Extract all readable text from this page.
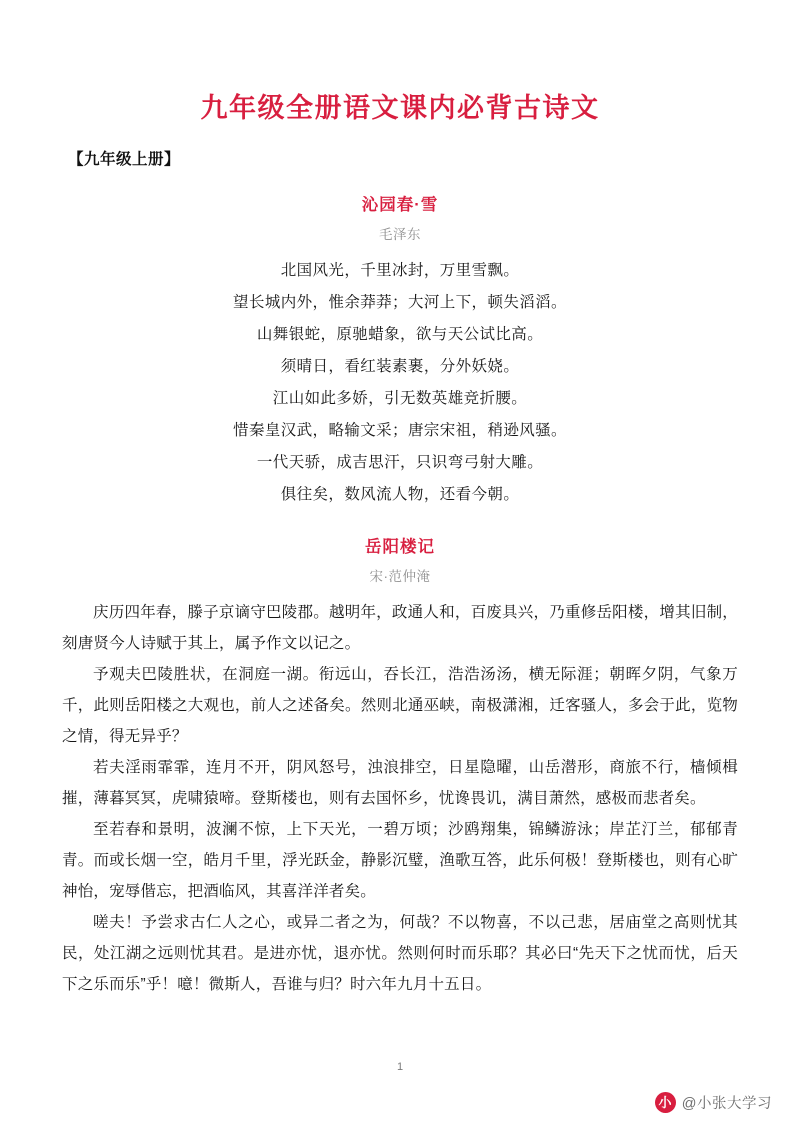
九年级全册语文课内必背古诗文
【九年级上册】
沁园春·雪
毛泽东
北国风光，千里冰封，万里雪飘。
望长城内外，惟余莽莽；大河上下，顿失滔滔。
山舞银蛇，原驰蜡象，欲与天公试比高。
须晴日，看红装素裹，分外妖娆。
江山如此多娇，引无数英雄竞折腰。
惜秦皇汉武，略输文采；唐宗宋祖，稍逊风骚。
一代天骄，成吉思汗，只识弯弓射大雕。
俱往矣，数风流人物，还看今朝。
岳阳楼记
宋·范仲淹

庆历四年春，滕子京谪守巴陵郡。越明年，政通人和，百废具兴，乃重修岳阳楼，增其旧制，刻唐贤今人诗赋于其上，属予作文以记之。

予观夫巴陵胜状，在洞庭一湖。衔远山，吞长江，浩浩汤汤，横无际涯；朝晖夕阴，气象万千，此则岳阳楼之大观也，前人之述备矣。然则北通巫峡，南极潇湘，迁客骚人，多会于此，览物之情，得无异乎？

若夫淫雨霏霏，连月不开，阴风怒号，浊浪排空，日星隐曜，山岳潜形，商旅不行，樯倾楫摧，薄暮冥冥，虎啸猿啼。登斯楼也，则有去国怀乡，忧谗畏讥，满目萧然，感极而悲者矣。

至若春和景明，波澜不惊，上下天光，一碧万顷；沙鸥翔集，锦鳞游泳；岸芷汀兰，郁郁青青。而或长烟一空，皓月千里，浮光跃金，静影沉璧，渔歌互答，此乐何极！登斯楼也，则有心旷神怡，宠辱偕忘，把酒临风，其喜洋洋者矣。

嗟夫！予尝求古仁人之心，或异二者之为，何哉？不以物喜，不以己悲，居庙堂之高则忧其民，处江湖之远则忧其君。是进亦忧，退亦忧。然则何时而乐耶？其必曰“先天下之忧而忧，后天下之乐而乐”乎！噫！微斯人，吾谁与归？时六年九月十五日。

1
小 @小张大学习
